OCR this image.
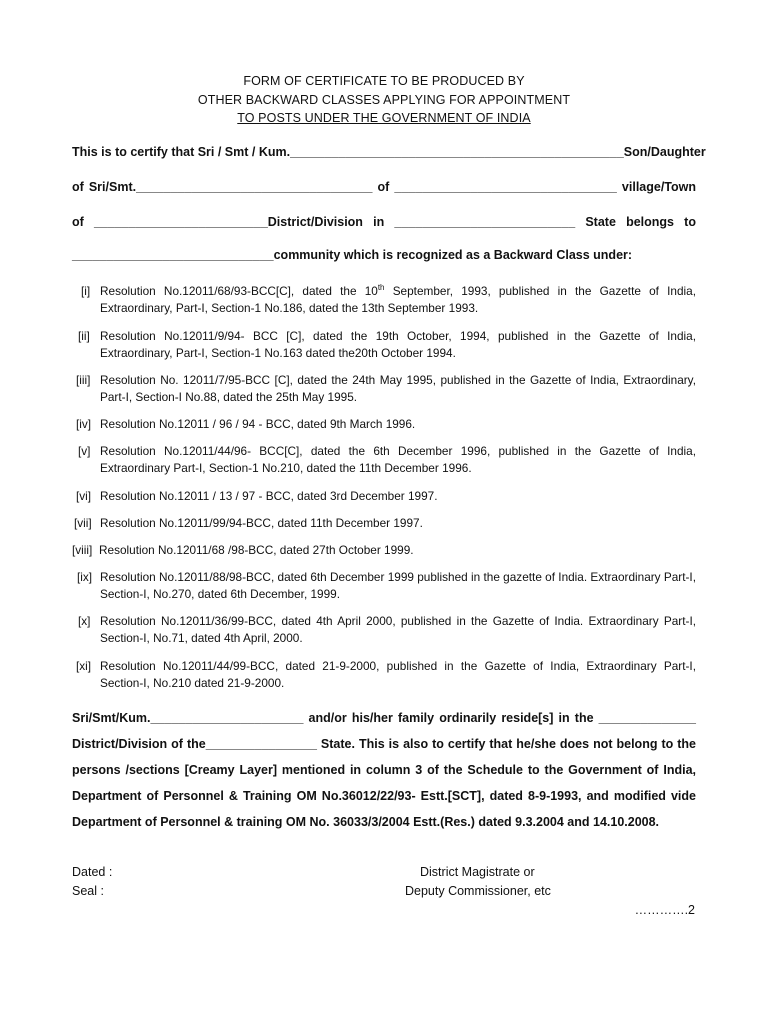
FORM OF CERTIFICATE TO BE PRODUCED BY
OTHER BACKWARD CLASSES APPLYING FOR APPOINTMENT
TO POSTS UNDER THE GOVERNMENT OF INDIA
This is to certify that Sri / Smt / Kum.________________________________________________Son/Daughter
of Sri/Smt.__________________________________ of ________________________________ village/Town
of _________________________District/Division in __________________________ State belongs to
_____________________________community which is recognized as a Backward Class under:
[i] Resolution No.12011/68/93-BCC[C], dated the 10th September, 1993, published in the Gazette of India, Extraordinary, Part-I, Section-1 No.186, dated the 13th September 1993.
[ii] Resolution No.12011/9/94- BCC [C], dated the 19th October, 1994, published in the Gazette of India, Extraordinary, Part-I, Section-1 No.163 dated the20th October 1994.
[iii] Resolution No. 12011/7/95-BCC [C], dated the 24th May 1995, published in the Gazette of India, Extraordinary, Part-I, Section-I No.88, dated the 25th May 1995.
[iv] Resolution No.12011 / 96 / 94 - BCC, dated 9th March 1996.
[v] Resolution No.12011/44/96- BCC[C], dated the 6th December 1996, published in the Gazette of India, Extraordinary Part-I, Section-1 No.210, dated the 11th December 1996.
[vi] Resolution No.12011 / 13 / 97 - BCC, dated 3rd December 1997.
[vii] Resolution No.12011/99/94-BCC, dated 11th December 1997.
[viii] Resolution No.12011/68 /98-BCC, dated 27th October 1999.
[ix] Resolution No.12011/88/98-BCC, dated 6th December 1999 published in the gazette of India. Extraordinary Part-I, Section-I, No.270, dated 6th December, 1999.
[x] Resolution No.12011/36/99-BCC, dated 4th April 2000, published in the Gazette of India. Extraordinary Part-I, Section-I, No.71, dated 4th April, 2000.
[xi] Resolution No.12011/44/99-BCC, dated 21-9-2000, published in the Gazette of India, Extraordinary Part-I, Section-I, No.210 dated 21-9-2000.
Sri/Smt/Kum.______________________ and/or his/her family ordinarily reside[s] in the ______________ District/Division of the________________ State. This is also to certify that he/she does not belong to the persons /sections [Creamy Layer] mentioned in column 3 of the Schedule to the Government of India, Department of Personnel & Training OM No.36012/22/93- Estt.[SCT], dated 8-9-1993, and modified vide Department of Personnel & training OM No. 36033/3/2004 Estt.(Res.) dated 9.3.2004 and 14.10.2008.
Dated :
Seal :
District Magistrate or
Deputy Commissioner, etc
………….2
